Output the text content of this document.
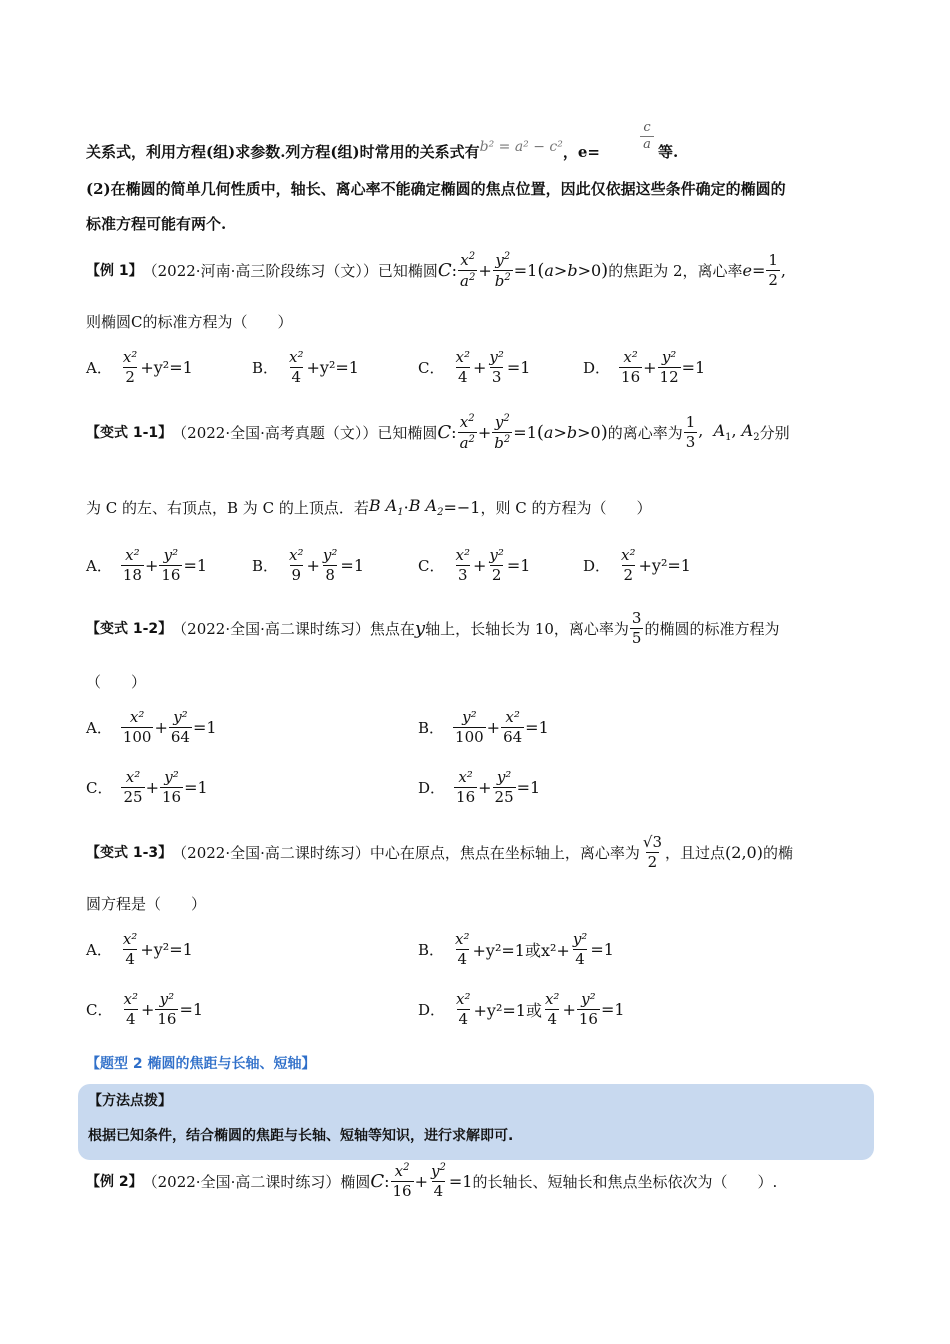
关系式，利用方程(组)求参数.列方程(组)时常用的关系式有b² = a² − c²，e=
c
a 等.
(2)在椭圆的简单几何性质中，轴长、离心率不能确定椭圆的焦点位置，因此仅依据这些条件确定的椭圆的
标准方程可能有两个.
【例 1】 （2022·河南·高三阶段练习（文））已知椭圆 C : $\frac{x^2}{a^2} + \frac{y^2}{b^2} =1(a>b>0)$ 的焦距为 2，离心率 $e = \frac{1}{2}$ ,
则椭圆C的标准方程为（　　）
A． $\frac{\text{x²}}{2} +y^2=1$	B． $\frac{\text{x²}}{4} +y^2=1$	C． $\frac{\text{x²}}{4} + \frac{\text{y²}}{3} =1$	D． $\frac{\text{x²}}{16} + \frac{\text{y²}}{12} =1$
【变式 1-1】 （2022·全国·高考真题（文））已知椭圆 C : $\frac{x^2}{a^2} + \frac{y^2}{b^2} =1(a>b>0)$ 的离心率为 $\frac{1}{3}$ ,  $A_1$, $A_2$ 分别
为 C 的左、右顶点，B 为 C 的上顶点．若 B $A_1 \cdot B$ $A_2 =-1$ ，则 C 的方程为（　　）
A． $\frac{\text{x²}}{18} + \frac{\text{y²}}{16} =1$	B． $\frac{\text{x²}}{9} + \frac{\text{y²}}{8} =1$	C． $\frac{\text{x²}}{3} + \frac{\text{y²}}{2} =1$	D． $\frac{\text{x²}}{2} +y^2=1$
【变式 1-2】 （2022·全国·高二课时练习）焦点在 y 轴上，长轴长为 10，离心率为 $\frac{3}{5}$ 的椭圆的标准方程为
（　　）
A． $\frac{\text{x²}}{100} + \frac{\text{y²}}{64} =1$	B． $\frac{\text{y²}}{100} + \frac{\text{x²}}{64} =1$
C． $\frac{\text{x²}}{25} + \frac{\text{y²}}{16} =1$	D． $\frac{\text{x²}}{16} + \frac{\text{y²}}{25} =1$
【变式 1-3】 （2022·全国·高二课时练习）中心在原点，焦点在坐标轴上，离心率为 $\frac{√3}{2}$ ，且过点 (2,0) 的椭
圆方程是（　　）
A． $\frac{\text{x²}}{4} +y^2=1$	B． $\frac{\text{x²}}{4} +y^2=1$或$x^2+ \frac{\text{y²}}{4} =1$
C． $\frac{\text{x²}}{4} + \frac{\text{y²}}{16} =1$	D． $\frac{\text{x²}}{4} +y^2=1$或 $\frac{\text{x²}}{4} + \frac{\text{y²}}{16} =1$
【题型 2 椭圆的焦距与长轴、短轴】
【方法点拨】
根据已知条件，结合椭圆的焦距与长轴、短轴等知识，进行求解即可.
【例 2】 （2022·全国·高二课时练习）椭圆 C : $\frac{x^2}{16} + \frac{y^2}{4} =1$ 的长轴长、短轴长和焦点坐标依次为（　　）.
